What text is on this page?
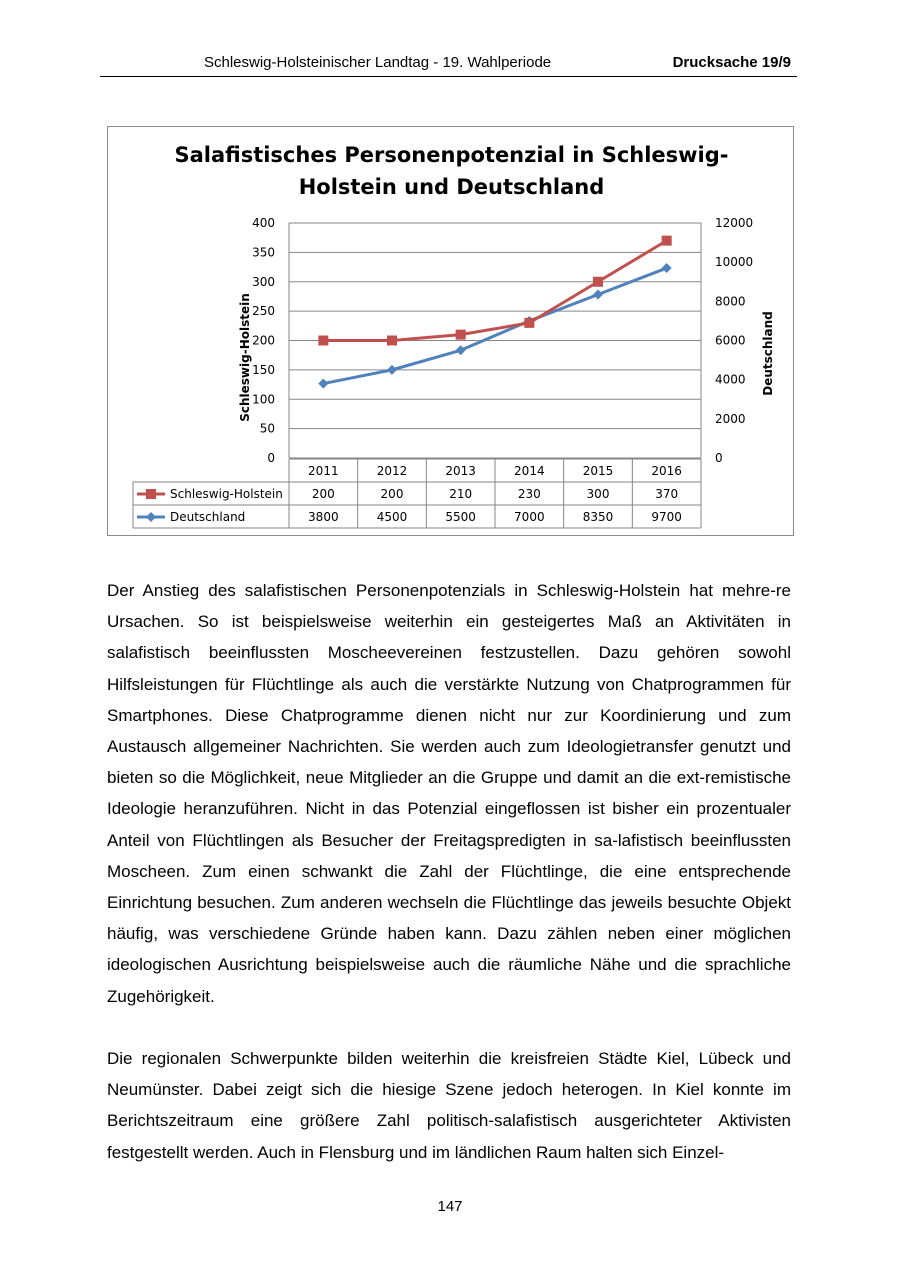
Schleswig-Holsteinischer Landtag - 19. Wahlperiode	Drucksache 19/9
Salafistisches Personenpotenzial in Schleswig-
Holstein und Deutschland
0
50
100
150
200
250
300
350
400
0
2000
4000
6000
8000
10000
12000
Schleswig-Holstein	Deutschland
2011	2012	2013	2014	2015	2016
Schleswig-Holstein 200	200	210	230	300	370
Deutschland	3800	4500	5500	7000	8350	9700

Der Anstieg des salafistischen Personenpotenzials in Schleswig-Holstein hat mehre-re Ursachen. So ist beispielsweise weiterhin ein gesteigertes Maß an Aktivitäten in salafistisch beeinflussten Moscheevereinen festzustellen. Dazu gehören sowohl Hilfsleistungen für Flüchtlinge als auch die verstärkte Nutzung von Chatprogrammen für Smartphones. Diese Chatprogramme dienen nicht nur zur Koordinierung und zum Austausch allgemeiner Nachrichten. Sie werden auch zum Ideologietransfer genutzt und bieten so die Möglichkeit, neue Mitglieder an die Gruppe und damit an die ext-remistische Ideologie heranzuführen. Nicht in das Potenzial eingeflossen ist bisher ein prozentualer Anteil von Flüchtlingen als Besucher der Freitagspredigten in sa-lafistisch beeinflussten Moscheen. Zum einen schwankt die Zahl der Flüchtlinge, die eine entsprechende Einrichtung besuchen. Zum anderen wechseln die Flüchtlinge das jeweils besuchte Objekt häufig, was verschiedene Gründe haben kann. Dazu zählen neben einer möglichen ideologischen Ausrichtung beispielsweise auch die räumliche Nähe und die sprachliche Zugehörigkeit.

Die regionalen Schwerpunkte bilden weiterhin die kreisfreien Städte Kiel, Lübeck und Neumünster. Dabei zeigt sich die hiesige Szene jedoch heterogen. In Kiel konnte im Berichtszeitraum eine größere Zahl politisch-salafistisch ausgerichteter Aktivisten festgestellt werden. Auch in Flensburg und im ländlichen Raum halten sich Einzel-

147
